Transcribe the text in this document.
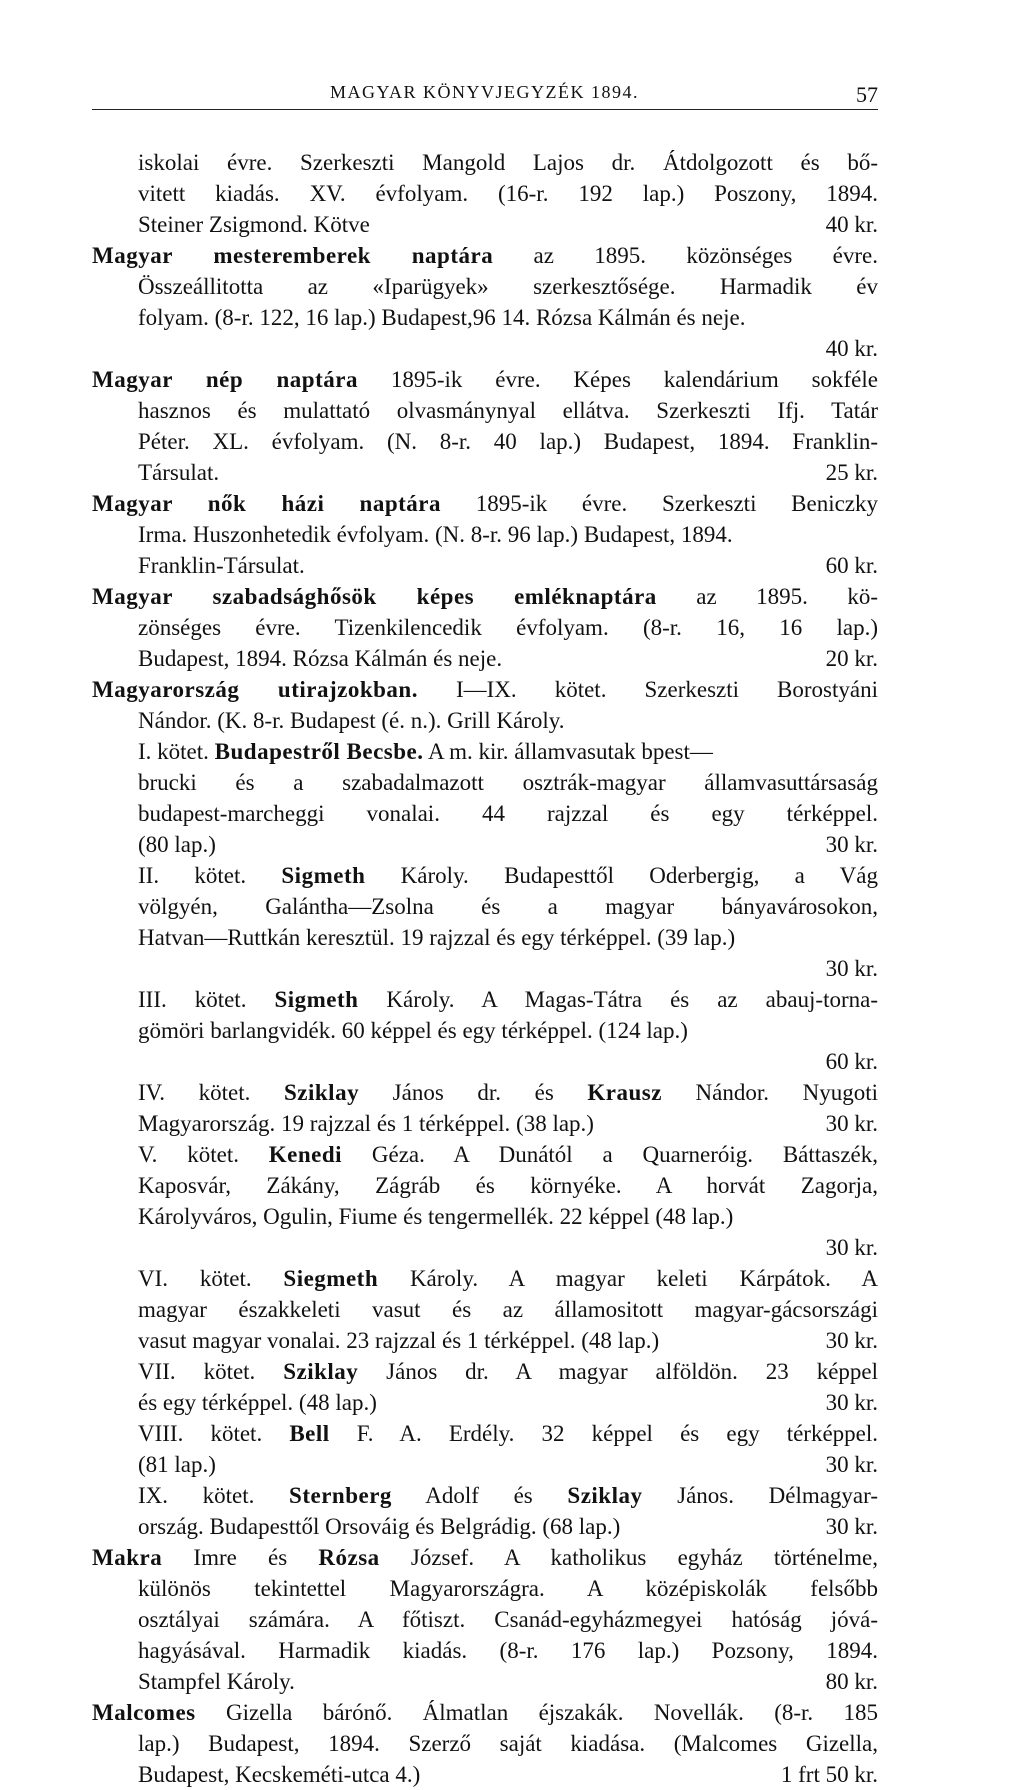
MAGYAR KÖNYVJEGYZÉK 1894.	57
iskolai évre. Szerkeszti Mangold Lajos dr. Átdolgozott és bő-
vitett kiadás. XV. évfolyam. (16-r. 192 lap.) Poszony, 1894.
40 kr.
Steiner Zsigmond. Kötve
Magyar mesteremberek naptára az 1895. közönséges évre.
Összeállitotta az «Iparügyek» szerkesztősége. Harmadik év
folyam. (8-r. 122, 16 lap.) Budapest,96 14. Rózsa Kálmán és neje.
40 kr.
Magyar nép naptára 1895-ik évre. Képes kalendárium sokféle
hasznos és mulattató olvasmánynyal ellátva. Szerkeszti Ifj. Tatár
Péter. XL. évfolyam. (N. 8-r. 40 lap.) Budapest, 1894. Franklin-
25 kr.
Társulat.
Magyar nők házi naptára 1895-ik évre. Szerkeszti Beniczky
Irma. Huszonhetedik évfolyam. (N. 8-r. 96 lap.) Budapest, 1894.
60 kr.
Franklin-Társulat.
Magyar szabadsághősök képes emléknaptára az 1895. kö-
zönséges évre. Tizenkilencedik évfolyam. (8-r. 16, 16 lap.)
20 kr.
Budapest, 1894. Rózsa Kálmán és neje.
Magyarország utirajzokban. I—IX. kötet. Szerkeszti Borostyáni
Nándor. (K. 8-r. Budapest (é. n.). Grill Károly.
I. kötet. Budapestről Becsbe. A m. kir. államvasutak bpest—
brucki és a szabadalmazott osztrák-magyar államvasuttársaság
budapest-marcheggi vonalai. 44 rajzzal és egy térképpel.
30 kr.
(80 lap.)
II. kötet. Sigmeth Károly. Budapesttől Oderbergig, a Vág
völgyén, Galántha—Zsolna és a magyar bányavárosokon,
Hatvan—Ruttkán keresztül. 19 rajzzal és egy térképpel. (39 lap.)
30 kr.
III. kötet. Sigmeth Károly. A Magas-Tátra és az abauj-torna-
gömöri barlangvidék. 60 képpel és egy térképpel. (124 lap.)
60 kr.
IV. kötet. Sziklay János dr. és Krausz Nándor. Nyugoti
30 kr.
Magyarország. 19 rajzzal és 1 térképpel. (38 lap.)
V. kötet. Kenedi Géza. A Dunától a Quarneróig. Báttaszék,
Kaposvár, Zákány, Zágráb és környéke. A horvát Zagorja,
Károlyváros, Ogulin, Fiume és tengermellék. 22 képpel (48 lap.)
30 kr.
VI. kötet. Siegmeth Károly. A magyar keleti Kárpátok. A
magyar északkeleti vasut és az államositott magyar-gácsországi
30 kr.
vasut magyar vonalai. 23 rajzzal és 1 térképpel. (48 lap.)
VII. kötet. Sziklay János dr. A magyar alföldön. 23 képpel
30 kr.
és egy térképpel. (48 lap.)
VIII. kötet. Bell F. A. Erdély. 32 képpel és egy térképpel.
30 kr.
(81 lap.)
IX. kötet. Sternberg Adolf és Sziklay János. Délmagyar-
30 kr.
ország. Budapesttől Orsováig és Belgrádig. (68 lap.)
Makra Imre és Rózsa József. A katholikus egyház történelme,
különös tekintettel Magyarországra. A középiskolák felsőbb
osztályai számára. A főtiszt. Csanád-egyházmegyei hatóság jóvá-
hagyásával. Harmadik kiadás. (8-r. 176 lap.) Pozsony, 1894.
80 kr.
Stampfel Károly.
Malcomes Gizella bárónő. Álmatlan éjszakák. Novellák. (8-r. 185
lap.) Budapest, 1894. Szerző saját kiadása. (Malcomes Gizella,
1 frt 50 kr.
Budapest, Kecskeméti-utca 4.)
